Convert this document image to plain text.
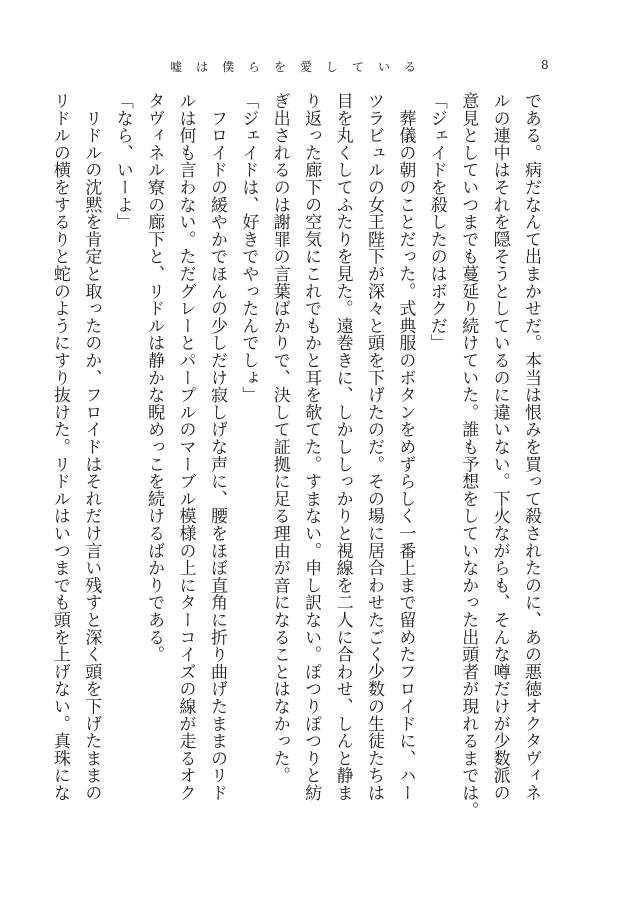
嘘は僕らを愛している	8
である。病だなんて出まかせだ。本当は恨みを買って殺されたのに、あの悪徳オクタヴィネ
ルの連中はそれを隠そうとしているのに違いない。下火ながらも、そんな噂だけが少数派の
意見としていつまでも蔓延り続けていた。誰も予想をしていなかった出頭者が現れるまでは。
「ジェイドを殺したのはボクだ」
　葬儀の朝のことだった。式典服のボタンをめずらしく一番上まで留めたフロイドに、ハー
ツラビュルの女王陛下が深々と頭を下げたのだ。その場に居合わせたごく少数の生徒たちは
目を丸くしてふたりを見た。遠巻きに、しかししっかりと視線を二人に合わせ、しんと静ま
り返った廊下の空気にこれでもかと耳を欹てた。すまない。申し訳ない。ぽつりぽつりと紡
ぎ出されるのは謝罪の言葉ばかりで、決して証拠に足る理由が音になることはなかった。
「ジェイドは、好きでやったんでしょ」
　フロイドの緩やかでほんの少しだけ寂しげな声に、腰をほぼ直角に折り曲げたままのリド
ルは何も言わない。ただグレーとパープルのマーブル模様の上にターコイズの線が走るオク
タヴィネル寮の廊下と、リドルは静かな睨めっこを続けるばかりである。
「なら、いーよ」
　リドルの沈黙を肯定と取ったのか、フロイドはそれだけ言い残すと深く頭を下げたままの
リドルの横をするりと蛇のようにすり抜けた。リドルはいつまでも頭を上げない。真珠にな
